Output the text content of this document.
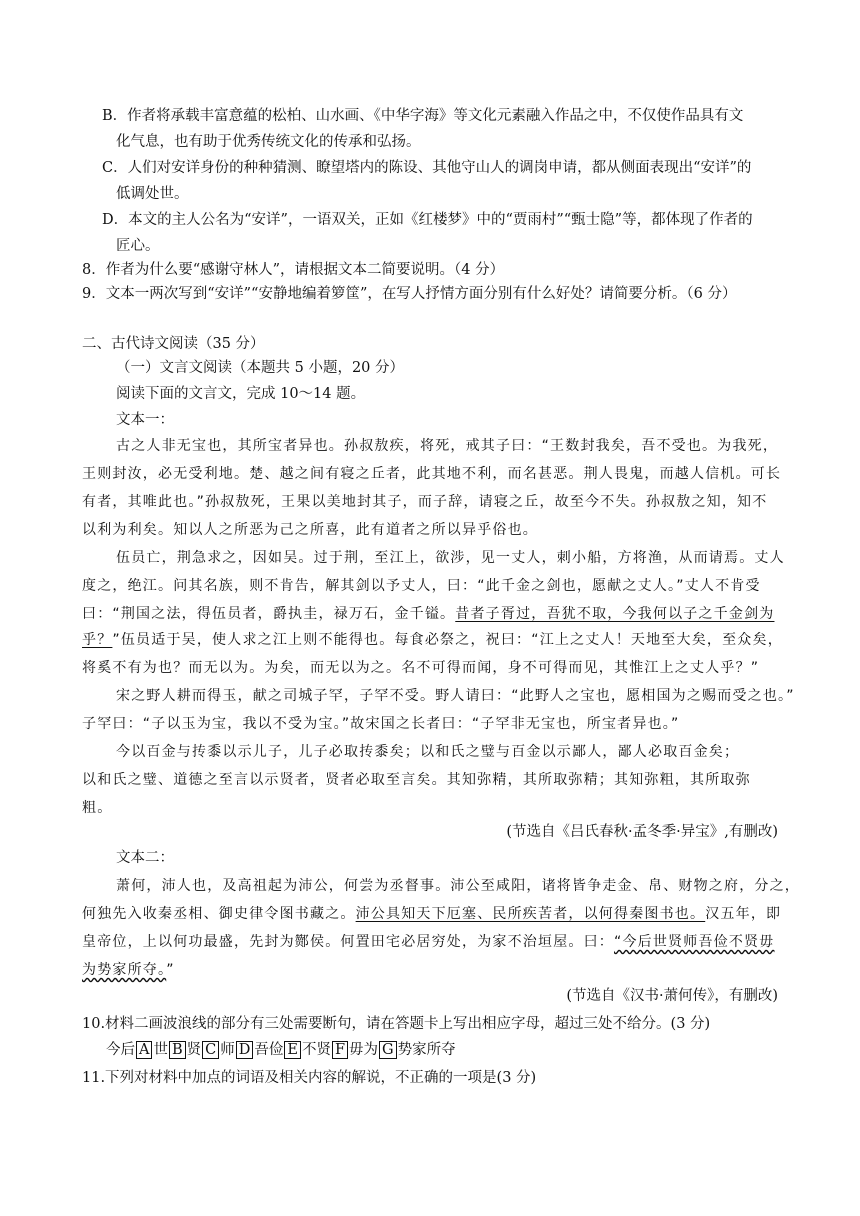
B．作者将承载丰富意蕴的松柏、山水画、《中华字海》等文化元素融入作品之中，不仅使作品具有文
化气息，也有助于优秀传统文化的传承和弘扬。
C．人们对安详身份的种种猜测、瞭望塔内的陈设、其他守山人的调岗申请，都从侧面表现出“安详”的
低调处世。
D．本文的主人公名为“安详”，一语双关，正如《红楼梦》中的“贾雨村”“甄士隐”等，都体现了作者的
匠心。
8．作者为什么要“感谢守林人”，请根据文本二简要说明。（4 分）
9．文本一两次写到“安详”“安静地编着箩筐”，在写人抒情方面分别有什么好处？请简要分析。（6 分）
二、古代诗文阅读（35 分）
（一）文言文阅读（本题共 5 小题，20 分）
阅读下面的文言文，完成 10～14 题。
文本一：
古之人非无宝也，其所宝者异也。孙叔敖疾，将死，戒其子曰：“王数封我矣，吾不受也。为我死，
王则封汝，必无受利地。楚、越之间有寝之丘者，此其地不利，而名甚恶。荆人畏鬼，而越人信机。可长
有者，其唯此也。”孙叔敖死，王果以美地封其子，而子辞，请寝之丘，故至今不失。孙叔敖之知，知不
以利为利矣。知以人之所恶为己之所喜，此有道者之所以异乎俗也。
伍员亡，荆急求之，因如吴。过于荆，至江上，欲涉，见一丈人，刺小船，方将渔，从而请焉。丈人
度之，绝江。问其名族，则不肯告，解其剑以予丈人，曰：“此千金之剑也，愿献之丈人。”丈人不肯受
曰：“荆国之法，得伍员者，爵执圭，禄万石，金千镒。昔者子胥过，吾犹不取，今我何以子之千金剑为
乎？”伍员适于吴，使人求之江上则不能得也。每食必祭之，祝曰：“江上之丈人！天地至大矣，至众矣，
将奚不有为也？而无以为。为矣，而无以为之。名不可得而闻，身不可得而见，其惟江上之丈人乎？”
宋之野人耕而得玉，献之司城子罕，子罕不受。野人请曰：“此野人之宝也，愿相国为之赐而受之也。”
子罕曰：“子以玉为宝，我以不受为宝。”故宋国之长者曰：“子罕非无宝也，所宝者异也。”
今以百金与抟黍以示儿子，儿子必取抟黍矣；以和氏之璧与百金以示鄙人，鄙人必取百金矣；
以和氏之璧、道德之至言以示贤者，贤者必取至言矣。其知弥精，其所取弥精；其知弥粗，其所取弥
粗。
(节选自《吕氏春秋·孟冬季·异宝》,有删改)
文本二：
萧何，沛人也，及高祖起为沛公，何尝为丞督事。沛公至咸阳，诸将皆争走金、帛、财物之府，分之，
何独先入收秦丞相、御史律令图书藏之。沛公具知天下厄塞、民所疾苦者，以何得秦图书也。汉五年，即
皇帝位，上以何功最盛，先封为酂侯。何置田宅必居穷处，为家不治垣屋。曰：“今后世贤师吾俭不贤毋
为势家所夺。”
(节选自《汉书·萧何传》，有删改)
10.材料二画波浪线的部分有三处需要断句，请在答题卡上写出相应字母，超过三处不给分。(3 分)
今后 A 世 B 贤 C 师 D 吾俭 E 不贤 F 毋为 G 势家所夺
11.下列对材料中加点的词语及相关内容的解说，不正确的一项是(3 分)
